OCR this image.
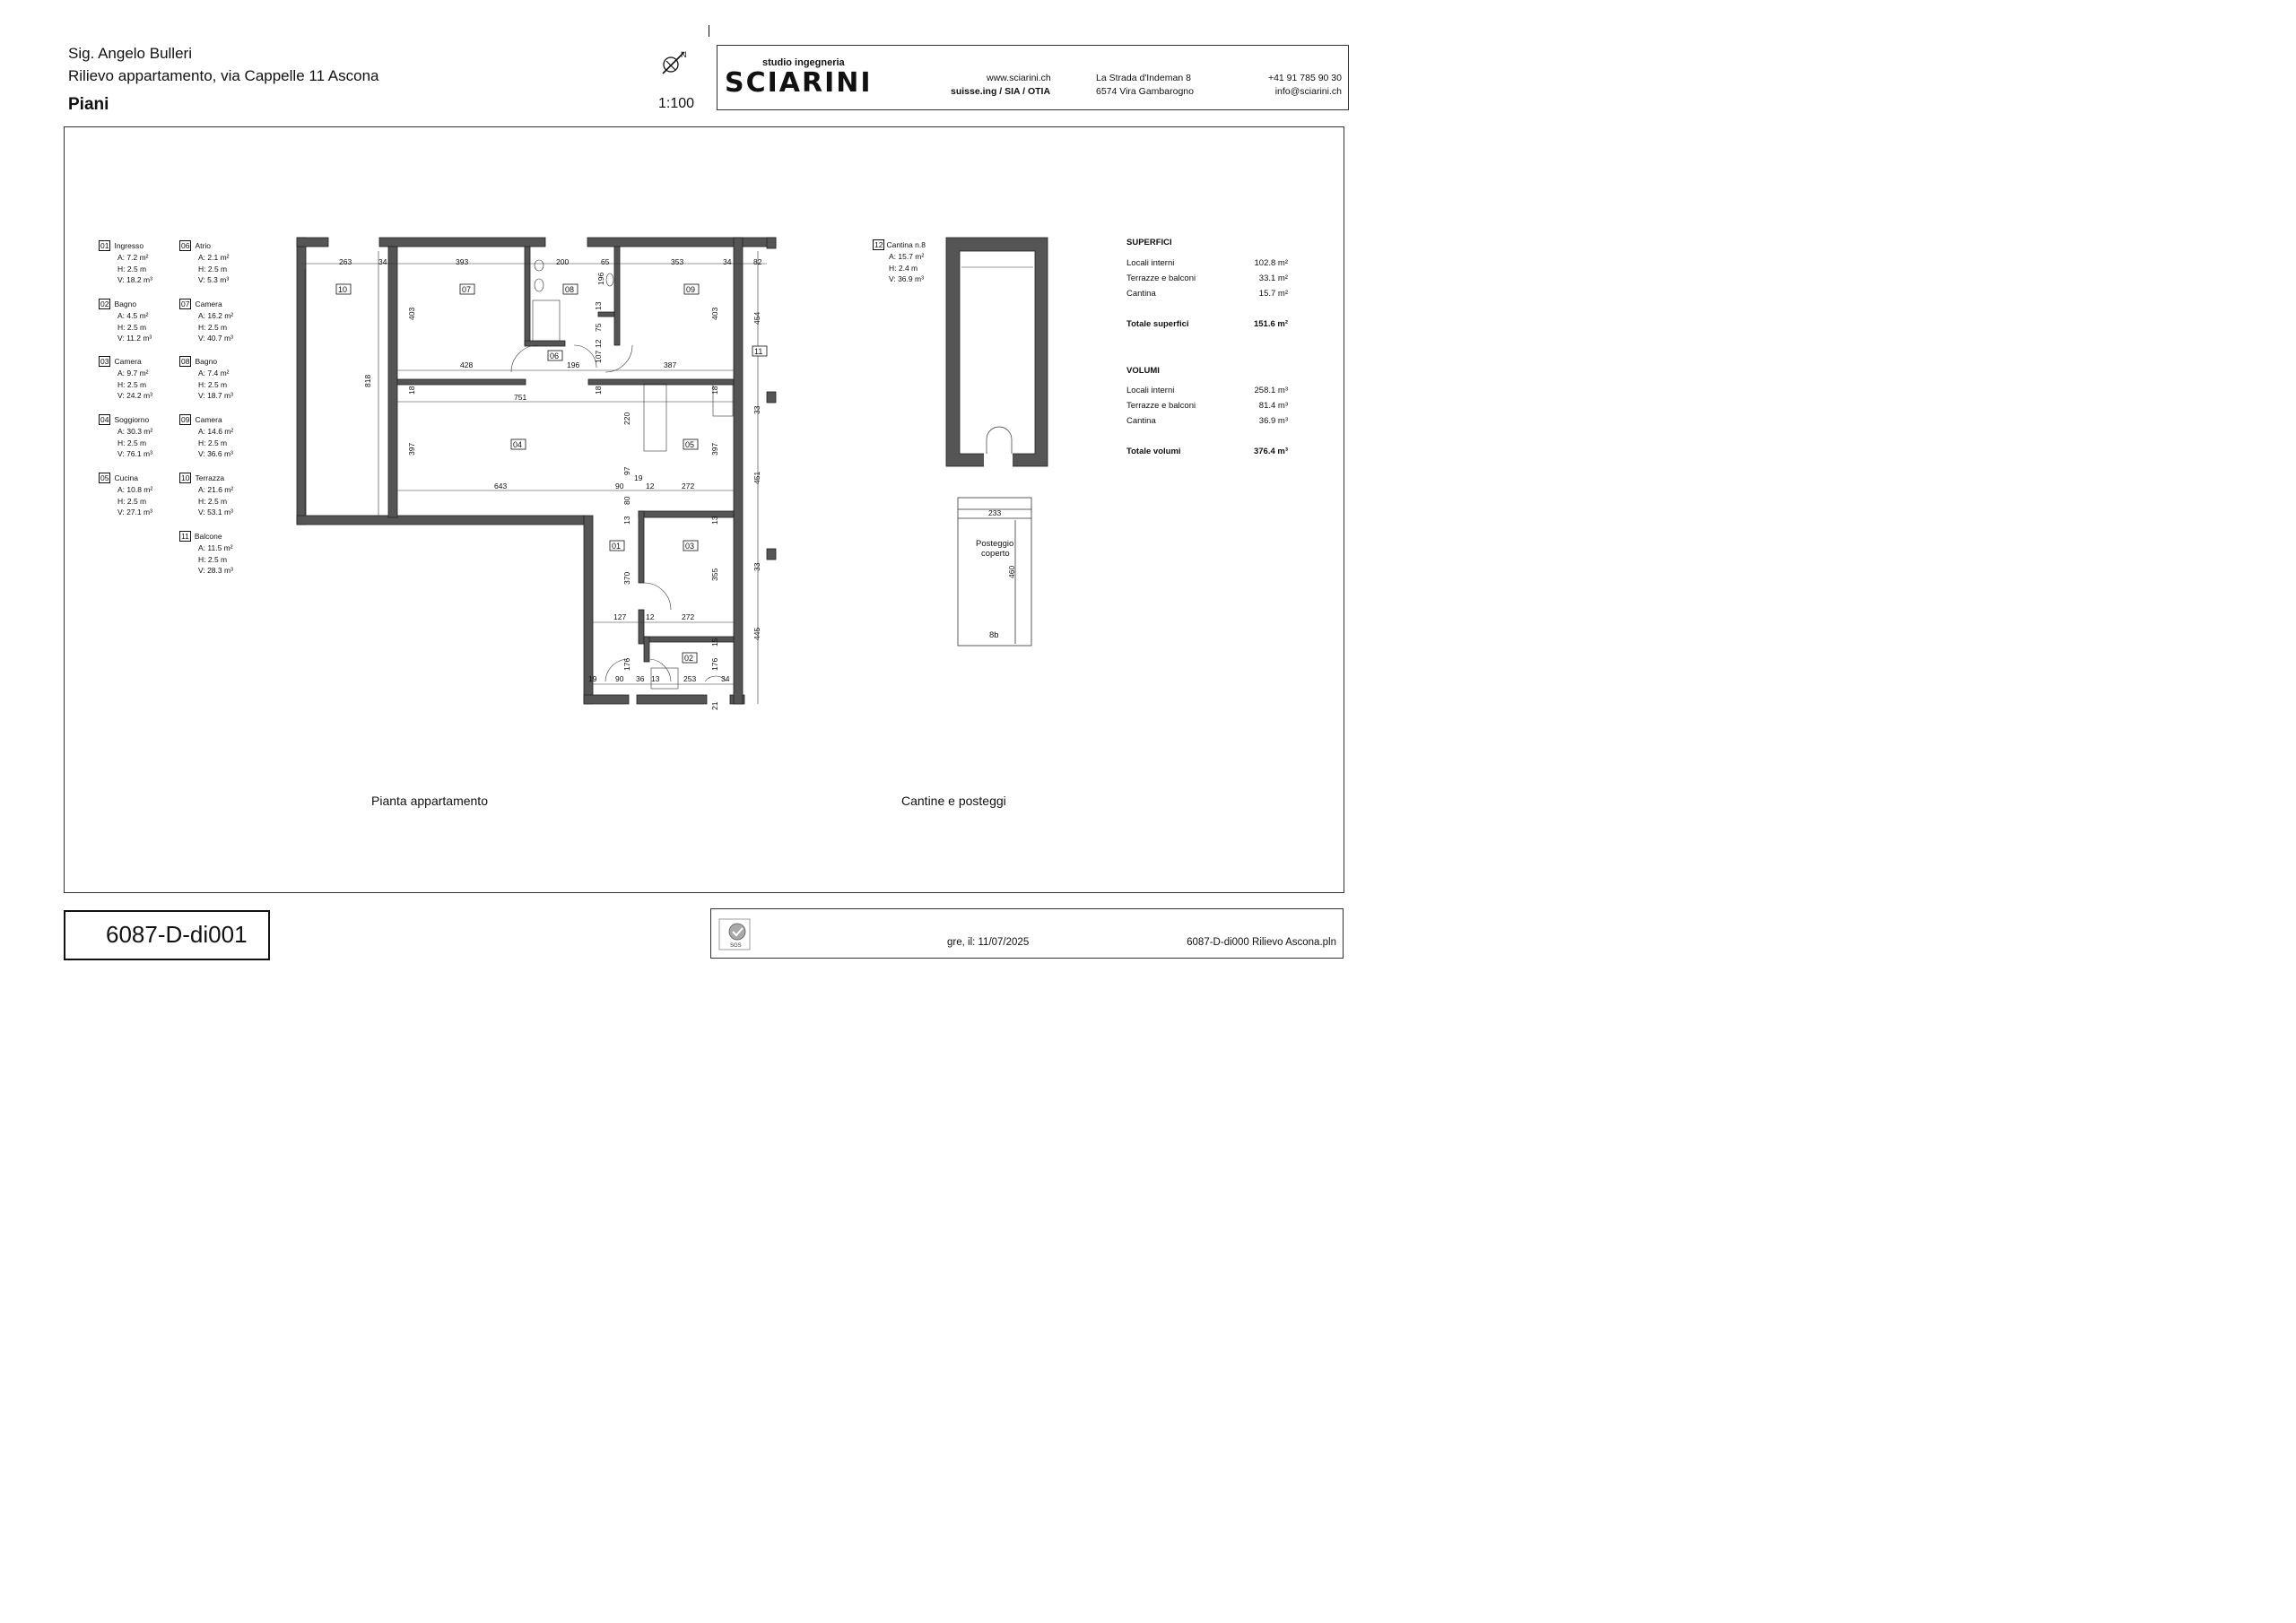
Sig. Angelo Bulleri
Rilievo appartamento, via Cappelle 11 Ascona
Piani
N
1:100
studio ingegneria
SCIARINI	www.sciarini.ch
suisse.ing / SIA / OTIA
La Strada d'Indeman 8
6574 Vira Gambarogno
+41 91 785 90 30
info@sciarini.ch
01 Ingresso
A: 7.2 m²
H: 2.5 m
V: 18.2 m³
02 Bagno
A: 4.5 m²
H: 2.5 m
V: 11.2 m³
03 Camera
A: 9.7 m²
H: 2.5 m
V: 24.2 m³
04 Soggiorno
A: 30.3 m²
H: 2.5 m
V: 76.1 m³
05 Cucina
A: 10.8 m²
H: 2.5 m
V: 27.1 m³
06 Atrio
A: 2.1 m²
H: 2.5 m
V: 5.3 m³
07 Camera
A: 16.2 m²
H: 2.5 m
V: 40.7 m³
08 Bagno
A: 7.4 m²
H: 2.5 m
V: 18.7 m³
09 Camera
A: 14.6 m²
H: 2.5 m
V: 36.6 m³
10 Terrazza
A: 21.6 m²
H: 2.5 m
V: 53.1 m³
11 Balcone
A: 11.5 m²
H: 2.5 m
V: 28.3 m³
12 Cantina n.8
A: 15.7 m²
H: 2.4 m
V: 36.9 m³
SUPERFICI
Locali interni	102.8 m²
Terrazze e balconi	33.1 m²
Cantina	15.7 m²
Totale superfici	151.6 m²
VOLUMI
Locali interni	258.1 m³
Terrazze e balconi	81.4 m³
Cantina	36.9 m³
Totale volumi	376.4 m³
10	07	08	09
06	11
04	05
01	03
02
263	34	393	200	65	353	34	82
428	196	387
751
643	90
19
12	272
127	12	272
19 90 36 13	253	34
233
403
196
13
403
75
12
454
107
818
18	18	18
220
33
397	397
97
451
80
13	13
370	355
33
445
15
176	176
21
460
Posteggio
coperto
8b
Pianta appartamento	Cantine e posteggi
6087-D-di001	SGS	gre, il: 11/07/2025	6087-D-di000 Rilievo Ascona.pln
